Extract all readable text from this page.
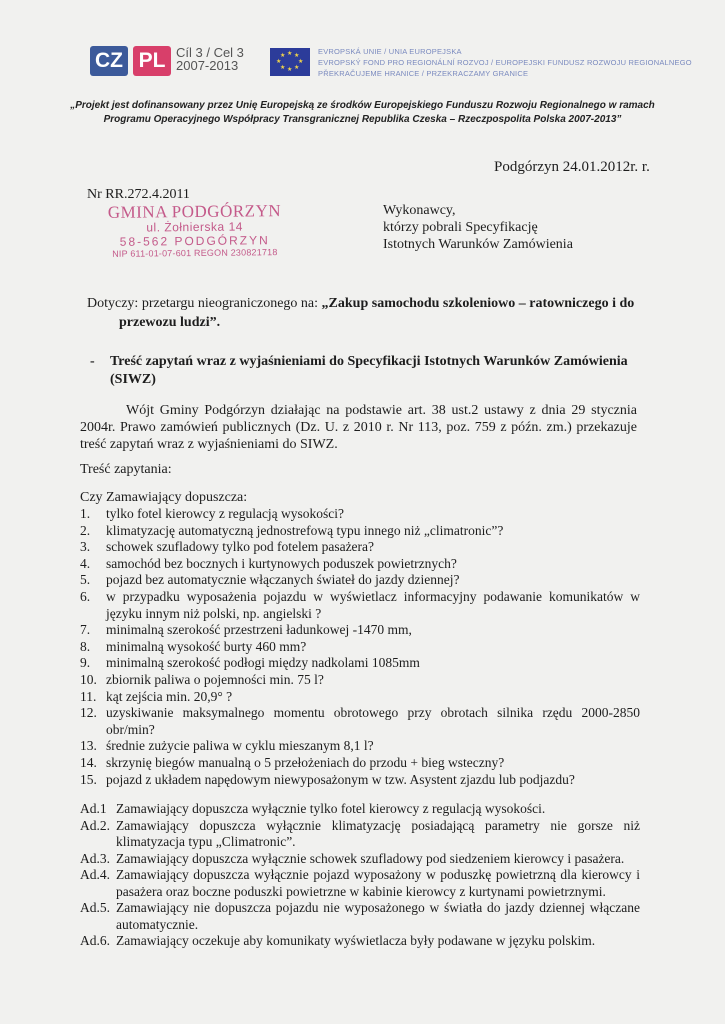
CZ PL Cíl 3 / Cel 3
2007-2013
★ ★
★
★
★
★
★
★	EVROPSKÁ UNIE / UNIA EUROPEJSKA
EVROPSKÝ FOND PRO REGIONÁLNÍ ROZVOJ / EUROPEJSKI FUNDUSZ ROZWOJU REGIONALNEGO
PŘEKRAČUJEME HRANICE / PRZEKRACZAMY GRANICE
„Projekt jest dofinansowany przez Unię Europejską ze środków Europejskiego Funduszu Rozwoju Regionalnego w ramach
Programu Operacyjnego Współpracy Transgranicznej Republika Czeska – Rzeczpospolita Polska 2007-2013”
Podgórzyn 24.01.2012r. r.
Nr RR.272.4.2011
GMINA PODGÓRZYN
ul. Żołnierska 14
58-562 PODGÓRZYN
NIP 611-01-07-601 REGON 230821718
Wykonawcy,
którzy pobrali Specyfikację
Istotnych Warunków Zamówienia
Dotyczy: przetargu nieograniczonego na: „Zakup samochodu szkoleniowo – ratowniczego i do
przewozu ludzi”.
-	Treść zapytań wraz z wyjaśnieniami do Specyfikacji Istotnych Warunków Zamówienia (SIWZ)
Wójt Gminy Podgórzyn działając na podstawie art. 38 ust.2 ustawy z dnia 29 stycznia 2004r. Prawo zamówień publicznych (Dz. U. z 2010 r. Nr 113, poz. 759 z późn. zm.) przekazuje treść zapytań wraz z wyjaśnieniami do SIWZ.
Treść zapytania:
Czy Zamawiający dopuszcza:
1.	tylko fotel kierowcy z regulacją wysokości?
2.	klimatyzację automatyczną jednostrefową typu innego niż „climatronic”?
3.	schowek szufladowy tylko pod fotelem pasażera?
4.	samochód bez bocznych i kurtynowych poduszek powietrznych?
5.	pojazd bez automatycznie włączanych świateł do jazdy dziennej?
6.	w przypadku wyposażenia pojazdu w wyświetlacz informacyjny podawanie komunikatów w języku innym niż polski, np. angielski ?
7.	minimalną szerokość przestrzeni ładunkowej -1470 mm,
8.	minimalną wysokość burty 460 mm?
9.	minimalną szerokość podłogi między nadkolami 1085mm
10. zbiornik paliwa o pojemności min. 75 l?
11. kąt zejścia min. 20,9° ?
12. uzyskiwanie maksymalnego momentu obrotowego przy obrotach silnika rzędu 2000-2850 obr/min?
13. średnie zużycie paliwa w cyklu mieszanym 8,1 l?
14. skrzynię biegów manualną o 5 przełożeniach do przodu + bieg wsteczny?
15. pojazd z układem napędowym niewyposażonym w tzw. Asystent zjazdu lub podjazdu?
Ad.1 Zamawiający dopuszcza wyłącznie tylko fotel kierowcy z regulacją wysokości.
Ad.2. Zamawiający dopuszcza wyłącznie klimatyzację posiadającą parametry nie gorsze niż klimatyzacja typu „Climatronic”.
Ad.3. Zamawiający dopuszcza wyłącznie schowek szufladowy pod siedzeniem kierowcy i pasażera.
Ad.4. Zamawiający dopuszcza wyłącznie pojazd wyposażony w poduszkę powietrzną dla kierowcy i pasażera oraz boczne poduszki powietrzne w kabinie kierowcy z kurtynami powietrznymi.
Ad.5. Zamawiający nie dopuszcza pojazdu nie wyposażonego w światła do jazdy dziennej włączane automatycznie.
Ad.6. Zamawiający oczekuje aby komunikaty wyświetlacza były podawane w języku polskim.
